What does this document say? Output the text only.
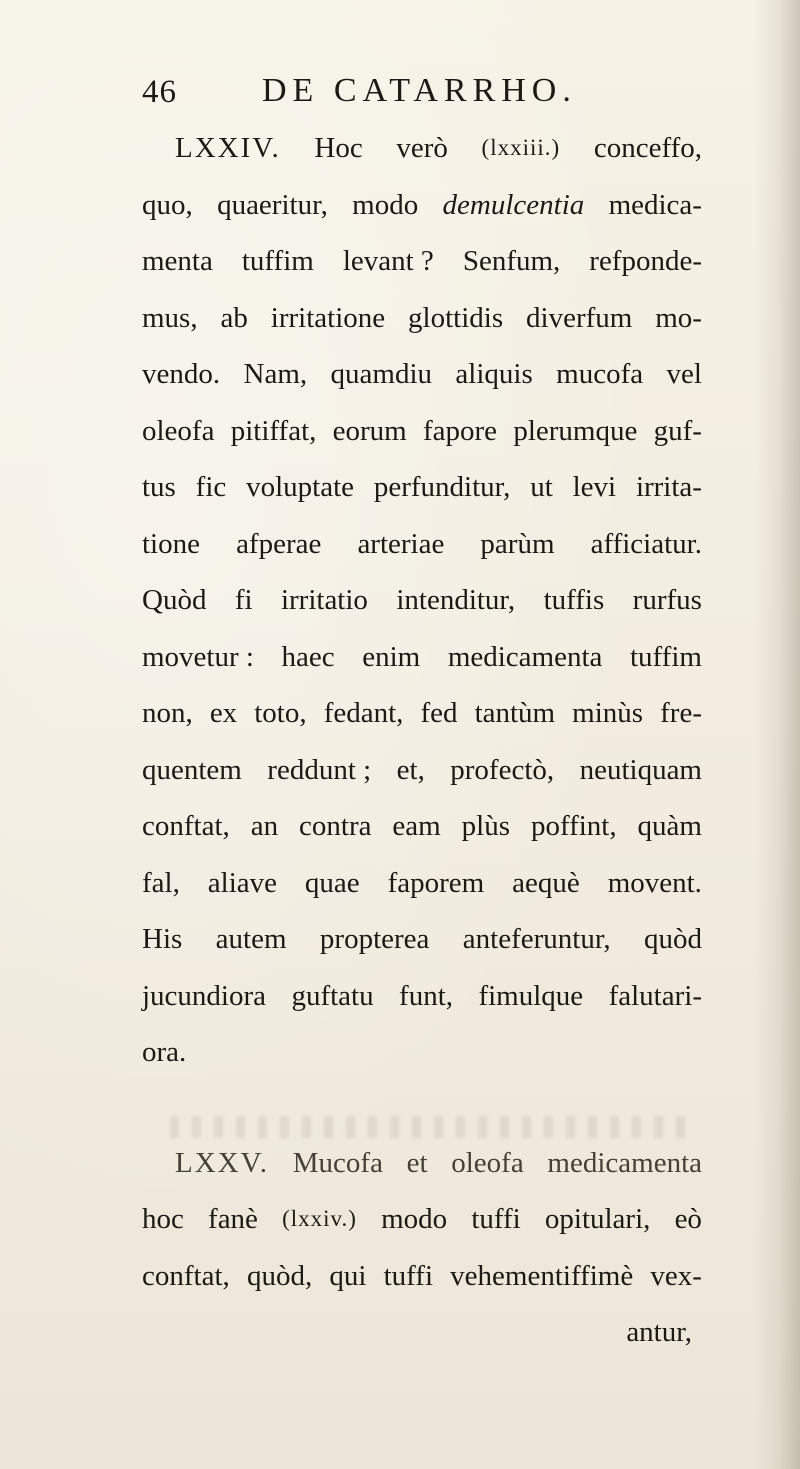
46	DE CATARRHO.
LXXIV. Hoc verò (lxxiii.) conceffo,
quo, quaeritur, modo demulcentia medica-
menta tuffim levant ? Senfum, refponde-
mus, ab irritatione glottidis diverfum mo-
vendo. Nam, quamdiu aliquis mucofa vel
oleofa pitiffat, eorum fapore plerumque guf-
tus fic voluptate perfunditur, ut levi irrita-
tione afperae arteriae parùm afficiatur.
Quòd fi irritatio intenditur, tuffis rurfus
movetur : haec enim medicamenta tuffim
non, ex toto, fedant, fed tantùm minùs fre-
quentem reddunt ; et, profectò, neutiquam
conftat, an contra eam plùs poffint, quàm
fal, aliave quae faporem aequè movent.
His autem propterea anteferuntur, quòd
jucundiora guftatu funt, fimulque falutari-
ora.
LXXV. Mucofa et oleofa medicamenta
hoc fanè (lxxiv.) modo tuffi opitulari, eò
conftat, quòd, qui tuffi vehementiffimè vex-
antur,
